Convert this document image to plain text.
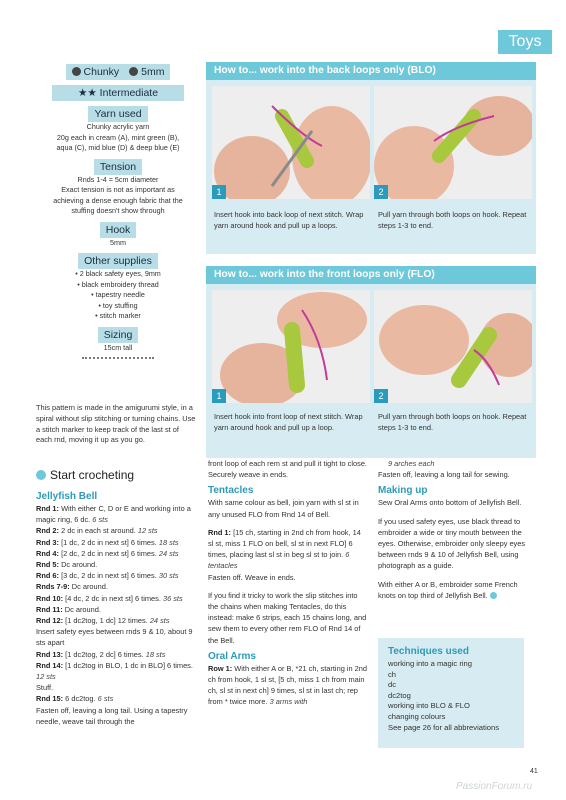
Toys
Chunky 5mm
★★ Intermediate
Yarn used

Chunky acrylic yarn

20g each in cream (A), mint green (B),

aqua (C), mid blue (D) & deep blue (E)

Tension

Rnds 1-4 = 5cm diameter

Exact tension is not as important as

achieving a dense enough fabric that the

stuffing doesn't show through

Hook

5mm

Other supplies
• 2 black safety eyes, 9mm
• black embroidery thread
• tapestry needle
• toy stuffing
• stitch marker
Sizing

15cm tall

This pattern is made in the amigurumi style, in a spiral without slip stitching or turning chains. Use a stitch marker to keep track of the last st of each rnd, moving it up as you go.
Start crocheting
How to... work into the back loops only (BLO)
1	2
Insert hook into back loop of next stitch. Wrap yarn around hook and pull up a loops.
Pull yarn through both loops on hook. Repeat steps 1-3 to end.
How to... work into the front loops only (FLO)
1	2
Insert hook into front loop of next stitch. Wrap yarn around hook and pull up a loop.
Pull yarn through both loops on hook. Repeat steps 1-3 to end.
Jellyfish Bell
Rnd 1: With either C, D or E and working into a magic ring, 6 dc. 6 sts
Rnd 2: 2 dc in each st around. 12 sts
Rnd 3: [1 dc, 2 dc in next st] 6 times. 18 sts
Rnd 4: [2 dc, 2 dc in next st] 6 times. 24 sts
Rnd 5: Dc around.
Rnd 6: [3 dc, 2 dc in next st] 6 times. 30 sts
Rnds 7-9: Dc around.
Rnd 10: [4 dc, 2 dc in next st] 6 times. 36 sts
Rnd 11: Dc around.
Rnd 12: [1 dc2tog, 1 dc] 12 times. 24 sts
Insert safety eyes between rnds 9 & 10, about 9 sts apart
Rnd 13: [1 dc2tog, 2 dc] 6 times. 18 sts
Rnd 14: [1 dc2tog in BLO, 1 dc in BLO] 6 times. 12 sts
Stuff.
Rnd 15: 6 dc2tog. 6 sts
Fasten off, leaving a long tail. Using a tapestry needle, weave tail through the
front loop of each rem st and pull it tight to close. Securely weave in ends.
Tentacles
With same colour as bell, join yarn with sl st in any unused FLO from Rnd 14 of Bell.
Rnd 1: [15 ch, starting in 2nd ch from hook, 14 sl st, miss 1 FLO on bell, sl st in next FLO] 6 times, placing last sl st in beg sl st to join. 6 tentacles
Fasten off. Weave in ends.
If you find it tricky to work the slip stitches into the chains when making Tentacles, do this instead: make 6 strips, each 15 chains long, and sew them to every other rem FLO of Rnd 14 of the Bell.
Oral Arms
Row 1: With either A or B, *21 ch, starting in 2nd ch from hook, 1 sl st, [5 ch, miss 1 ch from main ch, sl st in next ch] 9 times, sl st in last ch; rep from * twice more. 3 arms with
9 arches each
Fasten off, leaving a long tail for sewing.
Making up
Sew Oral Arms onto bottom of Jellyfish Bell.
If you used safety eyes, use black thread to embroider a wide or tiny mouth between the eyes. Otherwise, embroider only sleepy eyes between rnds 9 & 10 of Jellyfish Bell, using photograph as a guide.
With either A or B, embroider some French knots on top third of Jellyfish Bell.
Techniques used
working into a magic ring
ch
dc
dc2tog
working into BLO & FLO
changing colours
See page 26 for all abbreviations
41
PassionForum.ru
